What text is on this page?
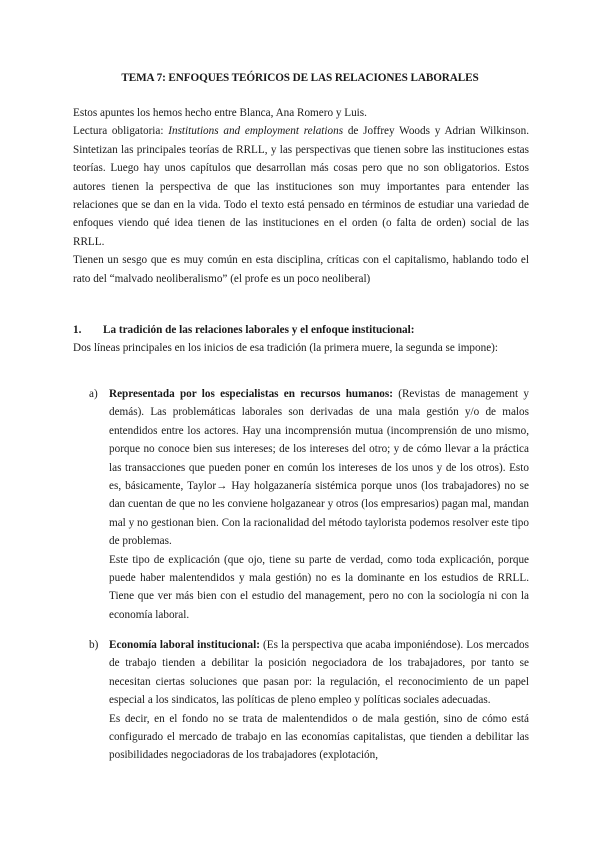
TEMA 7: ENFOQUES TEÓRICOS DE LAS RELACIONES LABORALES

Estos apuntes los hemos hecho entre Blanca, Ana Romero y Luis.

Lectura obligatoria: Institutions and employment relations de Joffrey Woods y Adrian Wilkinson. Sintetizan las principales teorías de RRLL, y las perspectivas que tienen sobre las instituciones estas teorías. Luego hay unos capítulos que desarrollan más cosas pero que no son obligatorios. Estos autores tienen la perspectiva de que las instituciones son muy importantes para entender las relaciones que se dan en la vida. Todo el texto está pensado en términos de estudiar una variedad de enfoques viendo qué idea tienen de las instituciones en el orden (o falta de orden) social de las RRLL.

Tienen un sesgo que es muy común en esta disciplina, críticas con el capitalismo, hablando todo el rato del “malvado neoliberalismo” (el profe es un poco neoliberal)

1. La tradición de las relaciones laborales y el enfoque institucional:
Dos líneas principales en los inicios de esa tradición (la primera muere, la segunda se impone):
a) Representada por los especialistas en recursos humanos: (Revistas de management y demás). Las problemáticas laborales son derivadas de una mala gestión y/o de malos entendidos entre los actores. Hay una incomprensión mutua (incomprensión de uno mismo, porque no conoce bien sus intereses; de los intereses del otro; y de cómo llevar a la práctica las transacciones que pueden poner en común los intereses de los unos y de los otros). Esto es, básicamente, Taylor→ Hay holgazanería sistémica porque unos (los trabajadores) no se dan cuentan de que no les conviene holgazanear y otros (los empresarios) pagan mal, mandan mal y no gestionan bien. Con la racionalidad del método taylorista podemos resolver este tipo de problemas.

Este tipo de explicación (que ojo, tiene su parte de verdad, como toda explicación, porque puede haber malentendidos y mala gestión) no es la dominante en los estudios de RRLL. Tiene que ver más bien con el estudio del management, pero no con la sociología ni con la economía laboral.

b) Economía laboral institucional: (Es la perspectiva que acaba imponiéndose). Los mercados de trabajo tienden a debilitar la posición negociadora de los trabajadores, por tanto se necesitan ciertas soluciones que pasan por: la regulación, el reconocimiento de un papel especial a los sindicatos, las políticas de pleno empleo y políticas sociales adecuadas.

Es decir, en el fondo no se trata de malentendidos o de mala gestión, sino de cómo está configurado el mercado de trabajo en las economías capitalistas, que tienden a debilitar las posibilidades negociadoras de los trabajadores (explotación,
